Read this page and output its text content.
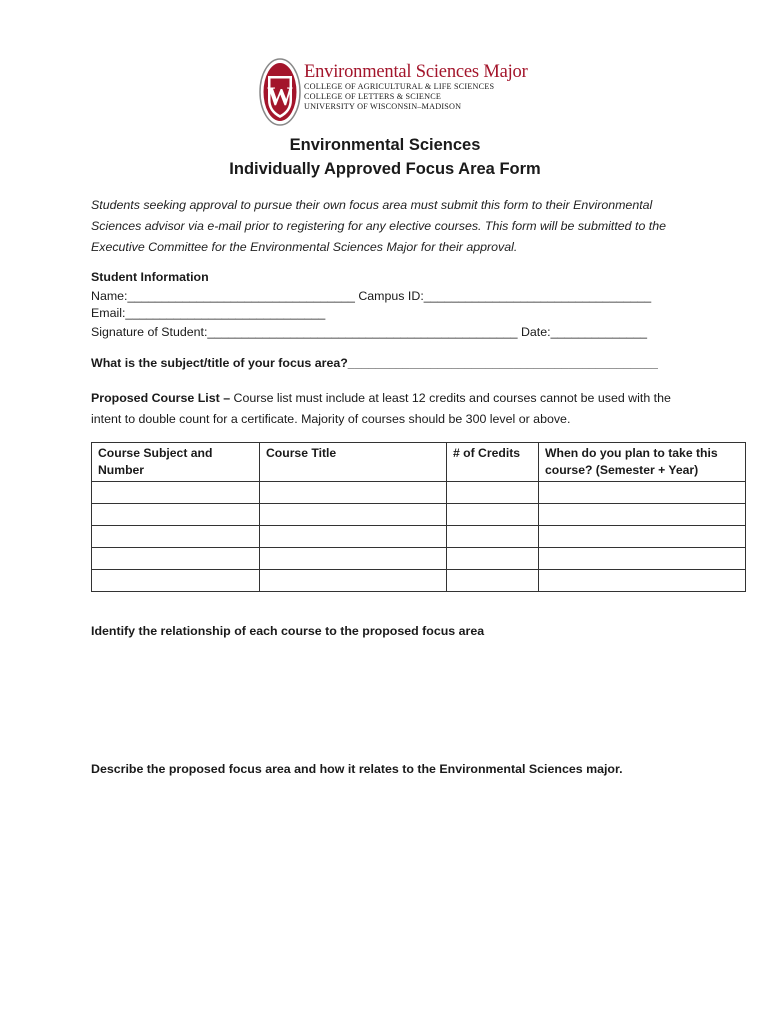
W
Environmental Sciences Major
COLLEGE OF AGRICULTURAL & LIFE SCIENCES
COLLEGE OF LETTERS & SCIENCE
UNIVERSITY OF WISCONSIN–MADISON
Environmental Sciences
Individually Approved Focus Area Form
Students seeking approval to pursue their own focus area must submit this form to their Environmental
Sciences advisor via e-mail prior to registering for any elective courses. This form will be submitted to the
Executive Committee for the Environmental Sciences Major for their approval.
Student Information
Name:_________________________________ Campus ID:_________________________________
Email:_____________________________
Signature of Student:_____________________________________________ Date:______________
What is the subject/title of your focus area?_____________________________________________
Proposed Course List – Course list must include at least 12 credits and courses cannot be used with the
intent to double count for a certificate. Majority of courses should be 300 level or above.
Course Subject and Number	Course Title	# of Credits	When do you plan to take this course? (Semester + Year)

Identify the relationship of each course to the proposed focus area
Describe the proposed focus area and how it relates to the Environmental Sciences major.
